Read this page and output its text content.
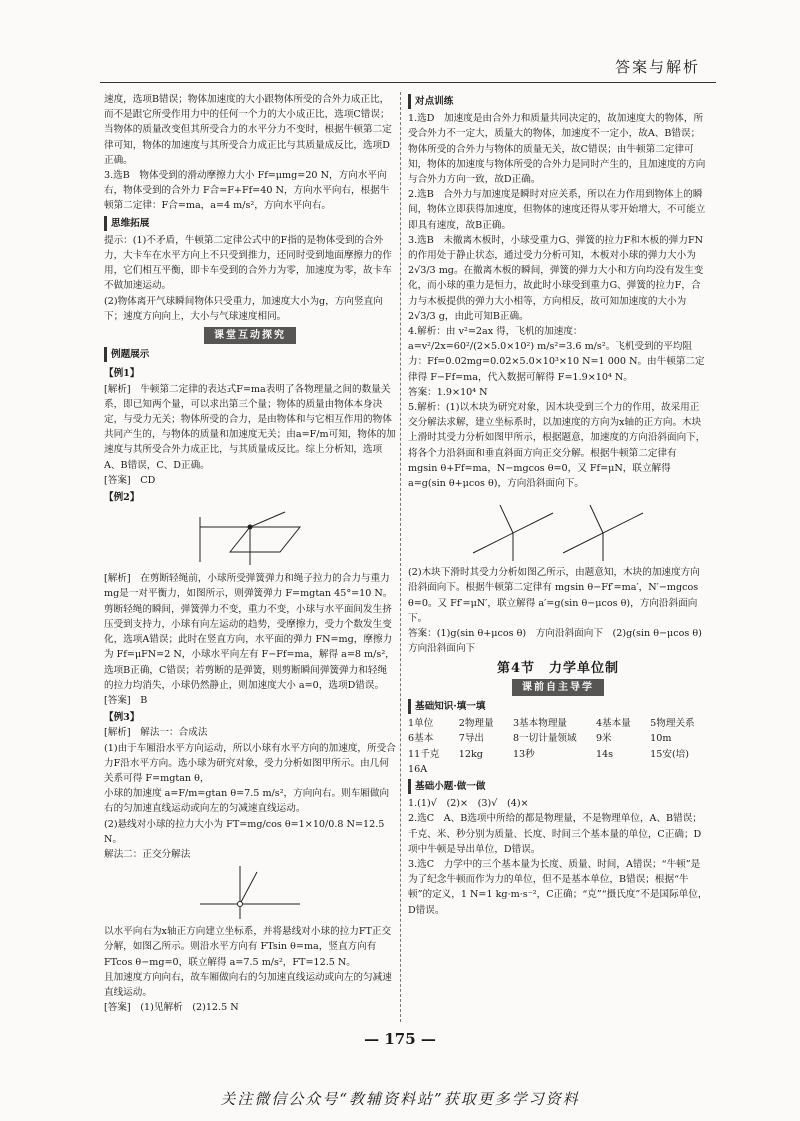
答案与解析

速度，选项B错误；物体加速度的大小跟物体所受的合外力成正比，而不是跟它所受作用力中的任何一个力的大小成正比，选项C错误；当物体的质量改变但其所受合力的水平分力不变时，根据牛顿第二定律可知，物体的加速度与其所受合力成正比与其质量成反比，选项D正确。

3.选B　物体受到的滑动摩擦力大小 Ff=μmg=20 N，方向水平向右，物体受到的合外力 F合=F+Ff=40 N，方向水平向右，根据牛顿第二定律：F合=ma，a=4 m/s²，方向水平向右。

思维拓展

提示：(1)不矛盾，牛顿第二定律公式中的F指的是物体受到的合外力，大卡车在水平方向上不只受到推力，还同时受到地面摩擦力的作用，它们相互平衡，即卡车受到的合外力为零，加速度为零，故卡车不做加速运动。

(2)物体离开气球瞬间物体只受重力，加速度大小为g，方向竖直向下；速度方向向上，大小与气球速度相同。

课堂互动探究
例题展示
【例1】

[解析]　牛顿第二定律的表达式F=ma表明了各物理量之间的数量关系，即已知两个量，可以求出第三个量；物体的质量由物体本身决定，与受力无关；物体所受的合力，是由物体和与它相互作用的物体共同产生的，与物体的质量和加速度无关；由a=F/m可知，物体的加速度与其所受合外力成正比，与其质量成反比。综上分析知，选项A、B错误，C、D正确。

[答案]　CD

【例2】

[解析]　在剪断轻绳前，小球所受弹簧弹力和绳子拉力的合力与重力mg是一对平衡力，如图所示，则弹簧弹力 F=mgtan 45°=10 N。剪断轻绳的瞬间，弹簧弹力不变，重力不变，小球与水平面间发生挤压受到支持力，小球有向左运动的趋势，受摩擦力，受力个数发生变化，选项A错误；此时在竖直方向，水平面的弹力 FN=mg，摩擦力为 Ff=μFN=2 N，小球水平向左有 F−Ff=ma，解得 a=8 m/s²，选项B正确，C错误；若剪断的是弹簧，则剪断瞬间弹簧弹力和轻绳的拉力均消失，小球仍然静止，则加速度大小 a=0，选项D错误。

[答案]　B

【例3】

[解析]　解法一：合成法

(1)由于车厢沿水平方向运动，所以小球有水平方向的加速度，所受合力F沿水平方向。选小球为研究对象，受力分析如图甲所示。由几何关系可得 F=mgtan θ，

小球的加速度 a=F/m=gtan θ=7.5 m/s²，方向向右。则车厢做向右的匀加速直线运动或向左的匀减速直线运动。

(2)悬线对小球的拉力大小为 FT=mg/cos θ=1×10/0.8 N=12.5 N。

解法二：正交分解法

以水平向右为x轴正方向建立坐标系，并将悬线对小球的拉力FT正交分解，如图乙所示。则沿水平方向有 FTsin θ=ma，竖直方向有 FTcos θ−mg=0，联立解得 a=7.5 m/s²，FT=12.5 N。

且加速度方向向右，故车厢做向右的匀加速直线运动或向左的匀减速直线运动。

[答案]　(1)见解析　(2)12.5 N

对点训练

1.选D　加速度是由合外力和质量共同决定的，故加速度大的物体，所受合外力不一定大，质量大的物体，加速度不一定小，故A、B错误；物体所受的合外力与物体的质量无关，故C错误；由牛顿第二定律可知，物体的加速度与物体所受的合外力是同时产生的，且加速度的方向与合外力方向一致，故D正确。

2.选B　合外力与加速度是瞬时对应关系，所以在力作用到物体上的瞬间，物体立即获得加速度，但物体的速度还得从零开始增大，不可能立即具有速度，故B正确。

3.选B　未撤离木板时，小球受重力G、弹簧的拉力F和木板的弹力FN的作用处于静止状态，通过受力分析可知，木板对小球的弹力大小为 2√3/3 mg。在撤离木板的瞬间，弹簧的弹力大小和方向均没有发生变化，而小球的重力是恒力，故此时小球受到重力G、弹簧的拉力F，合力与木板提供的弹力大小相等，方向相反，故可知加速度的大小为 2√3/3 g，由此可知B正确。

4.解析：由 v²=2ax 得，飞机的加速度：a=v²/2x=60²/(2×5.0×10²) m/s²=3.6 m/s²。飞机受到的平均阻力：Ff=0.02mg=0.02×5.0×10³×10 N=1 000 N。由牛顿第二定律得 F−Ff=ma，代入数据可解得 F=1.9×10⁴ N。

答案：1.9×10⁴ N

5.解析：(1)以木块为研究对象，因木块受到三个力的作用，故采用正交分解法求解，建立坐标系时，以加速度的方向为x轴的正方向。木块上滑时其受力分析如图甲所示，根据题意，加速度的方向沿斜面向下，将各个力沿斜面和垂直斜面方向正交分解。根据牛顿第二定律有 mgsin θ+Ff=ma，N−mgcos θ=0，又 Ff=μN，联立解得 a=g(sin θ+μcos θ)，方向沿斜面向下。

(2)木块下滑时其受力分析如图乙所示，由题意知，木块的加速度方向沿斜面向下。根据牛顿第二定律有 mgsin θ−Ff′=ma′，N′−mgcos θ=0。又 Ff′=μN′，联立解得 a′=g(sin θ−μcos θ)，方向沿斜面向下。

答案：(1)g(sin θ+μcos θ)　方向沿斜面向下　(2)g(sin θ−μcos θ)　方向沿斜面向下

第4节　力学单位制
课前自主导学
基础知识·填一填
1单位	2物理量	3基本物理量	4基本量	5物理关系
6基本	7导出	8一切计量领域	9米	10m
11千克	12kg	13秒	14s	15安(培)
16A
基础小题·做一做

1.(1)√　(2)×　(3)√　(4)×

2.选C　A、B选项中所给的都是物理量，不是物理单位，A、B错误；千克、米、秒分别为质量、长度、时间三个基本量的单位，C正确；D项中牛顿是导出单位，D错误。

3.选C　力学中的三个基本量为长度、质量、时间，A错误；“牛顿”是为了纪念牛顿而作为力的单位，但不是基本单位，B错误；根据“牛顿”的定义，1 N=1 kg·m·s⁻²，C正确；“克”“摄氏度”不是国际单位，D错误。

— 175 —
关注微信公众号“教辅资料站”获取更多学习资料
